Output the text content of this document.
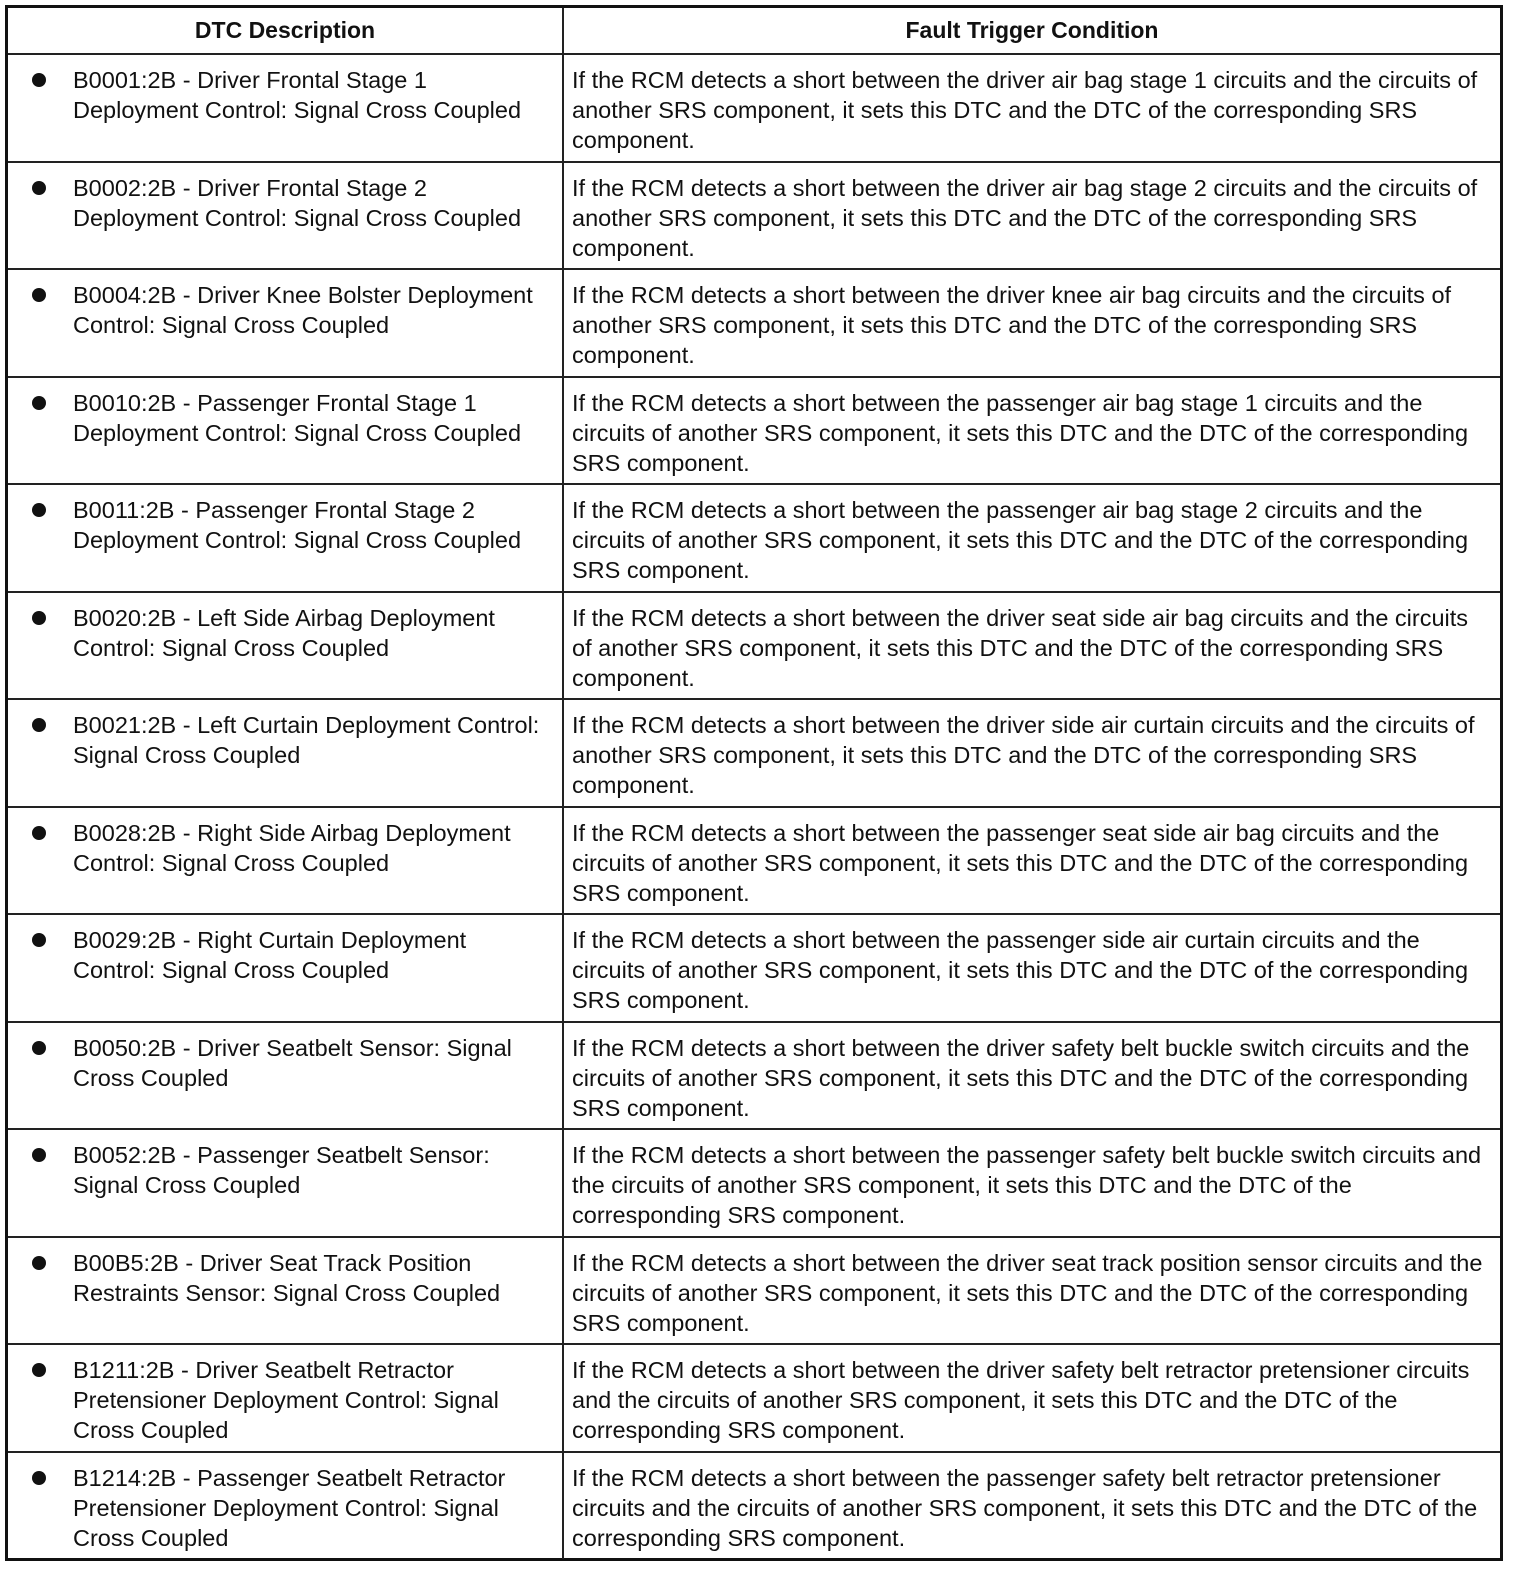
DTC Description	Fault Trigger Condition

B0001:2B - Driver Frontal Stage 1 Deployment Control: Signal Cross Coupled	If the RCM detects a short between the driver air bag stage 1 circuits and the circuits of another SRS component, it sets this DTC and the DTC of the corresponding SRS component.

B0002:2B - Driver Frontal Stage 2 Deployment Control: Signal Cross Coupled	If the RCM detects a short between the driver air bag stage 2 circuits and the circuits of another SRS component, it sets this DTC and the DTC of the corresponding SRS component.

B0004:2B - Driver Knee Bolster Deployment Control: Signal Cross Coupled	If the RCM detects a short between the driver knee air bag circuits and the circuits of another SRS component, it sets this DTC and the DTC of the corresponding SRS component.

B0010:2B - Passenger Frontal Stage 1 Deployment Control: Signal Cross Coupled	If the RCM detects a short between the passenger air bag stage 1 circuits and the circuits of another SRS component, it sets this DTC and the DTC of the corresponding SRS component.

B0011:2B - Passenger Frontal Stage 2 Deployment Control: Signal Cross Coupled	If the RCM detects a short between the passenger air bag stage 2 circuits and the circuits of another SRS component, it sets this DTC and the DTC of the corresponding SRS component.

B0020:2B - Left Side Airbag Deployment Control: Signal Cross Coupled	If the RCM detects a short between the driver seat side air bag circuits and the circuits of another SRS component, it sets this DTC and the DTC of the corresponding SRS component.

B0021:2B - Left Curtain Deployment Control: Signal Cross Coupled	If the RCM detects a short between the driver side air curtain circuits and the circuits of another SRS component, it sets this DTC and the DTC of the corresponding SRS component.

B0028:2B - Right Side Airbag Deployment Control: Signal Cross Coupled	If the RCM detects a short between the passenger seat side air bag circuits and the circuits of another SRS component, it sets this DTC and the DTC of the corresponding SRS component.

B0029:2B - Right Curtain Deployment Control: Signal Cross Coupled	If the RCM detects a short between the passenger side air curtain circuits and the circuits of another SRS component, it sets this DTC and the DTC of the corresponding SRS component.

B0050:2B - Driver Seatbelt Sensor: Signal Cross Coupled	If the RCM detects a short between the driver safety belt buckle switch circuits and the circuits of another SRS component, it sets this DTC and the DTC of the corresponding SRS component.

B0052:2B - Passenger Seatbelt Sensor: Signal Cross Coupled	If the RCM detects a short between the passenger safety belt buckle switch circuits and the circuits of another SRS component, it sets this DTC and the DTC of the corresponding SRS component.

B00B5:2B - Driver Seat Track Position Restraints Sensor: Signal Cross Coupled	If the RCM detects a short between the driver seat track position sensor circuits and the circuits of another SRS component, it sets this DTC and the DTC of the corresponding SRS component.

B1211:2B - Driver Seatbelt Retractor Pretensioner Deployment Control: Signal Cross Coupled	If the RCM detects a short between the driver safety belt retractor pretensioner circuits and the circuits of another SRS component, it sets this DTC and the DTC of the corresponding SRS component.

B1214:2B - Passenger Seatbelt Retractor Pretensioner Deployment Control: Signal Cross Coupled	If the RCM detects a short between the passenger safety belt retractor pretensioner circuits and the circuits of another SRS component, it sets this DTC and the DTC of the corresponding SRS component.
